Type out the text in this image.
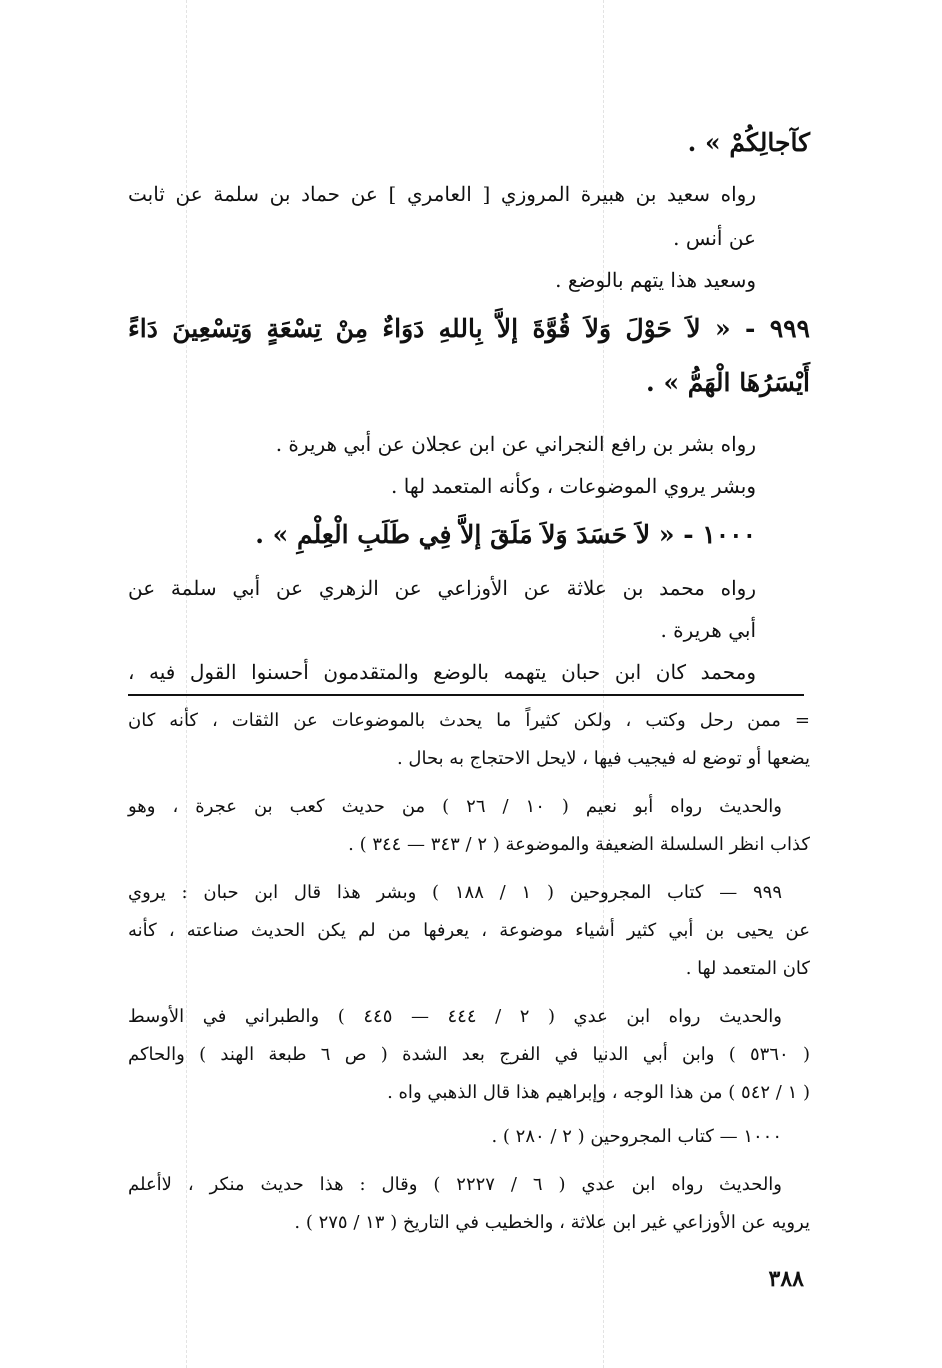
كآجالِكُمْ » .
رواه سعيد بن هبيرة المروزي [ العامري ] عن حماد بن سلمة عن ثابت
عن أنس .
وسعيد هذا يتهم بالوضع .
٩٩٩ - « لاَ حَوْلَ وَلاَ قُوَّةَ إلاَّ بِاللهِ دَوَاءٌ مِنْ تِسْعَةٍ وَتِسْعِينَ دَاءً
أَيْسَرُهَا الْهَمُّ » .
رواه بشر بن رافع النجراني عن ابن عجلان عن أبي هريرة .
وبشر يروي الموضوعات ، وكأنه المتعمد لها .
١٠٠٠ - « لاَ حَسَدَ وَلاَ مَلَقَ إلاَّ فِي طَلَبِ الْعِلْمِ » .
رواه محمد بن علاثة عن الأوزاعي عن الزهري عن أبي سلمة عن
أبي هريرة .
ومحمد كان ابن حبان يتهمه بالوضع والمتقدمون أحسنوا القول فيه ،
= ممن رحل وكتب ، ولكن كثيراً ما يحدث بالموضوعات عن الثقات ، كأنه كان
يضعها أو توضع له فيجيب فيها ، لايحل الاحتجاج به بحال .
والحديث رواه أبو نعيم ( ١٠ / ٢٦ ) من حديث كعب بن عجرة ، وهو
كذاب انظر السلسلة الضعيفة والموضوعة ( ٢ / ٣٤٣ — ٣٤٤ ) .
٩٩٩ — كتاب المجروحين ( ١ / ١٨٨ ) وبشر هذا قال ابن حبان : يروي
عن يحيى بن أبي كثير أشياء موضوعة ، يعرفها من لم يكن الحديث صناعته ، كأنه
كان المتعمد لها .
والحديث رواه ابن عدي ( ٢ / ٤٤٤ — ٤٤٥ ) والطبراني في الأوسط
( ٥٣٦٠ ) وابن أبي الدنيا في الفرج بعد الشدة ( ص ٦ طبعة الهند ) والحاكم
( ١ / ٥٤٢ ) من هذا الوجه ، وإبراهيم هذا قال الذهبي واه .
١٠٠٠ — كتاب المجروحين ( ٢ / ٢٨٠ ) .
والحديث رواه ابن عدي ( ٦ / ٢٢٢٧ ) وقال : هذا حديث منكر ، لاأعلم
يرويه عن الأوزاعي غير ابن علاثة ، والخطيب في التاريخ ( ١٣ / ٢٧٥ ) .
٣٨٨
